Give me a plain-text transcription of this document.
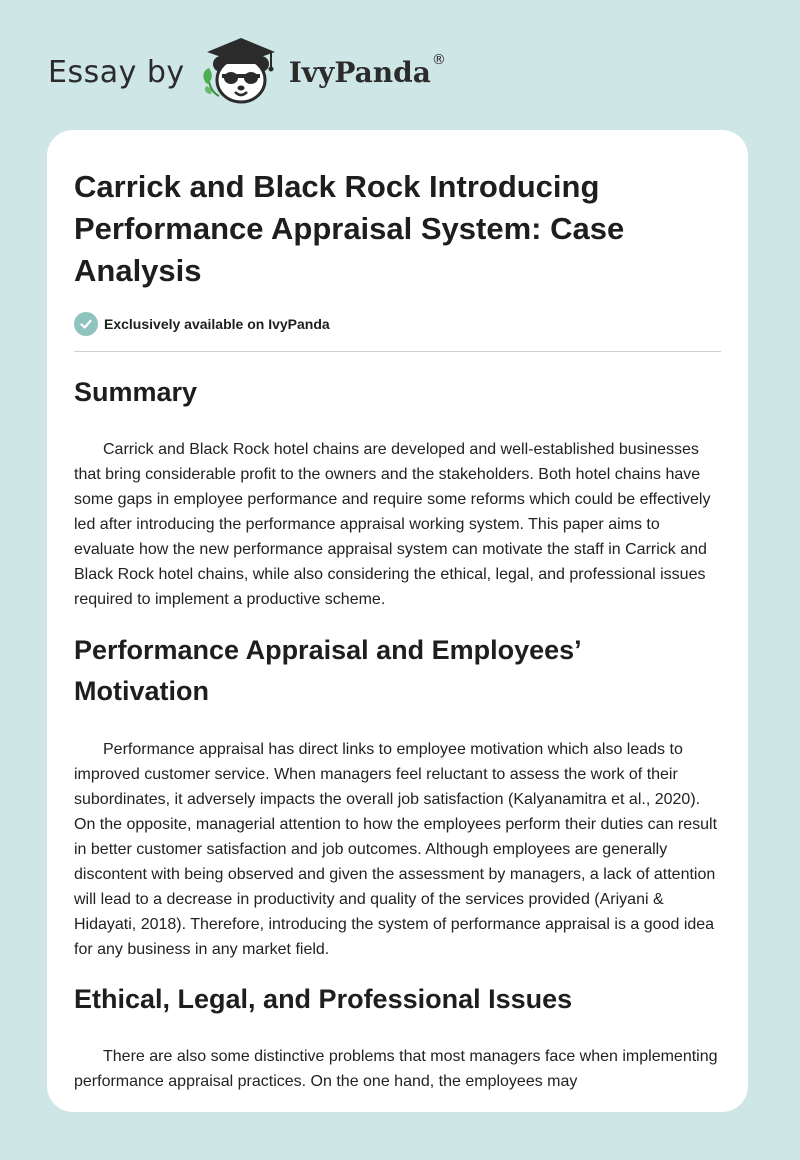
Essay by	IvyPanda ®
Carrick and Black Rock Introducing Performance Appraisal System: Case Analysis
Exclusively available on IvyPanda
Summary

Carrick and Black Rock hotel chains are developed and well-established businesses that bring considerable profit to the owners and the stakeholders. Both hotel chains have some gaps in employee performance and require some reforms which could be effectively led after introducing the performance appraisal working system. This paper aims to evaluate how the new performance appraisal system can motivate the staff in Carrick and Black Rock hotel chains, while also considering the ethical, legal, and professional issues required to implement a productive scheme.

Performance Appraisal and Employees’ Motivation

Performance appraisal has direct links to employee motivation which also leads to improved customer service. When managers feel reluctant to assess the work of their subordinates, it adversely impacts the overall job satisfaction (Kalyanamitra et al., 2020). On the opposite, managerial attention to how the employees perform their duties can result in better customer satisfaction and job outcomes. Although employees are generally discontent with being observed and given the assessment by managers, a lack of attention will lead to a decrease in productivity and quality of the services provided (Ariyani & Hidayati, 2018). Therefore, introducing the system of performance appraisal is a good idea for any business in any market field.

Ethical, Legal, and Professional Issues

There are also some distinctive problems that most managers face when implementing performance appraisal practices. On the one hand, the employees may
